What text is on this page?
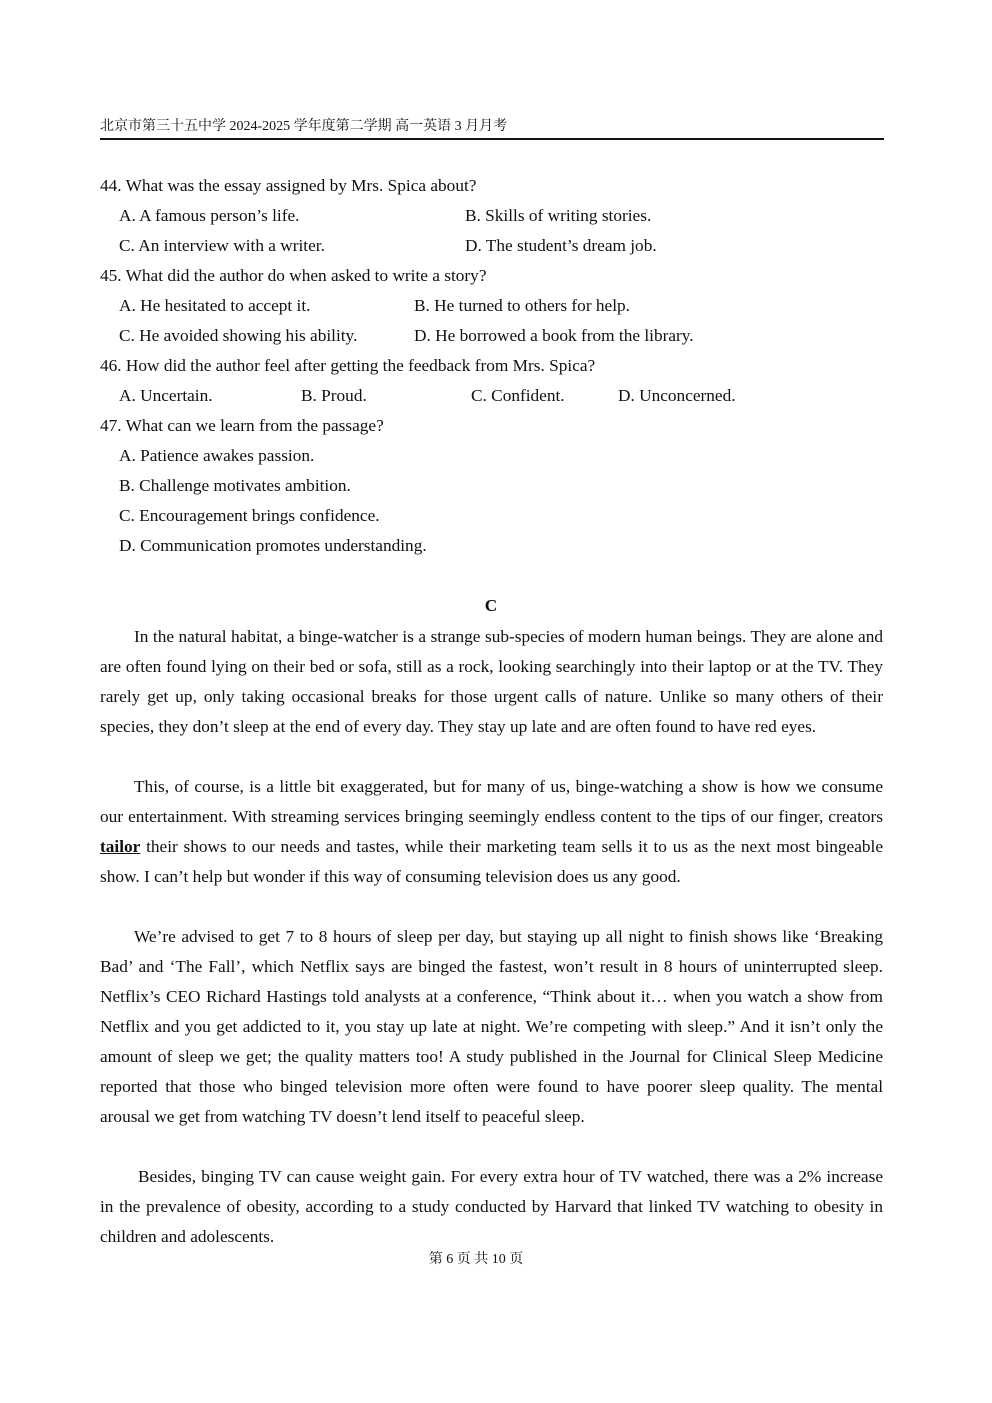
北京市第三十五中学 2024-2025 学年度第二学期 高一英语 3 月月考
44. What was the essay assigned by Mrs. Spica about?
A. A famous person’s life.	B. Skills of writing stories.
C. An interview with a writer.	D. The student’s dream job.
45. What did the author do when asked to write a story?
A. He hesitated to accept it.	B. He turned to others for help.
C. He avoided showing his ability.	D. He borrowed a book from the library.
46. How did the author feel after getting the feedback from Mrs. Spica?
A. Uncertain.	B. Proud.	C. Confident.	D. Unconcerned.
47. What can we learn from the passage?
A. Patience awakes passion.
B. Challenge motivates ambition.
C. Encouragement brings confidence.
D. Communication promotes understanding.
C

In the natural habitat, a binge-watcher is a strange sub-species of modern human beings. They are alone and are often found lying on their bed or sofa, still as a rock, looking searchingly into their laptop or at the TV. They rarely get up, only taking occasional breaks for those urgent calls of nature. Unlike so many others of their species, they don’t sleep at the end of every day. They stay up late and are often found to have red eyes.

This, of course, is a little bit exaggerated, but for many of us, binge-watching a show is how we consume our entertainment. With streaming services bringing seemingly endless content to the tips of our finger, creators tailor their shows to our needs and tastes, while their marketing team sells it to us as the next most bingeable show. I can’t help but wonder if this way of consuming television does us any good.

We’re advised to get 7 to 8 hours of sleep per day, but staying up all night to finish shows like ‘Breaking Bad’ and ‘The Fall’, which Netflix says are binged the fastest, won’t result in 8 hours of uninterrupted sleep. Netflix’s CEO Richard Hastings told analysts at a conference, “Think about it… when you watch a show from Netflix and you get addicted to it, you stay up late at night. We’re competing with sleep.” And it isn’t only the amount of sleep we get; the quality matters too! A study published in the Journal for Clinical Sleep Medicine reported that those who binged television more often were found to have poorer sleep quality. The mental arousal we get from watching TV doesn’t lend itself to peaceful sleep.

Besides, binging TV can cause weight gain. For every extra hour of TV watched, there was a 2% increase in the prevalence of obesity, according to a study conducted by Harvard that linked TV watching to obesity in children and adolescents.

第 6 页 共 10 页
